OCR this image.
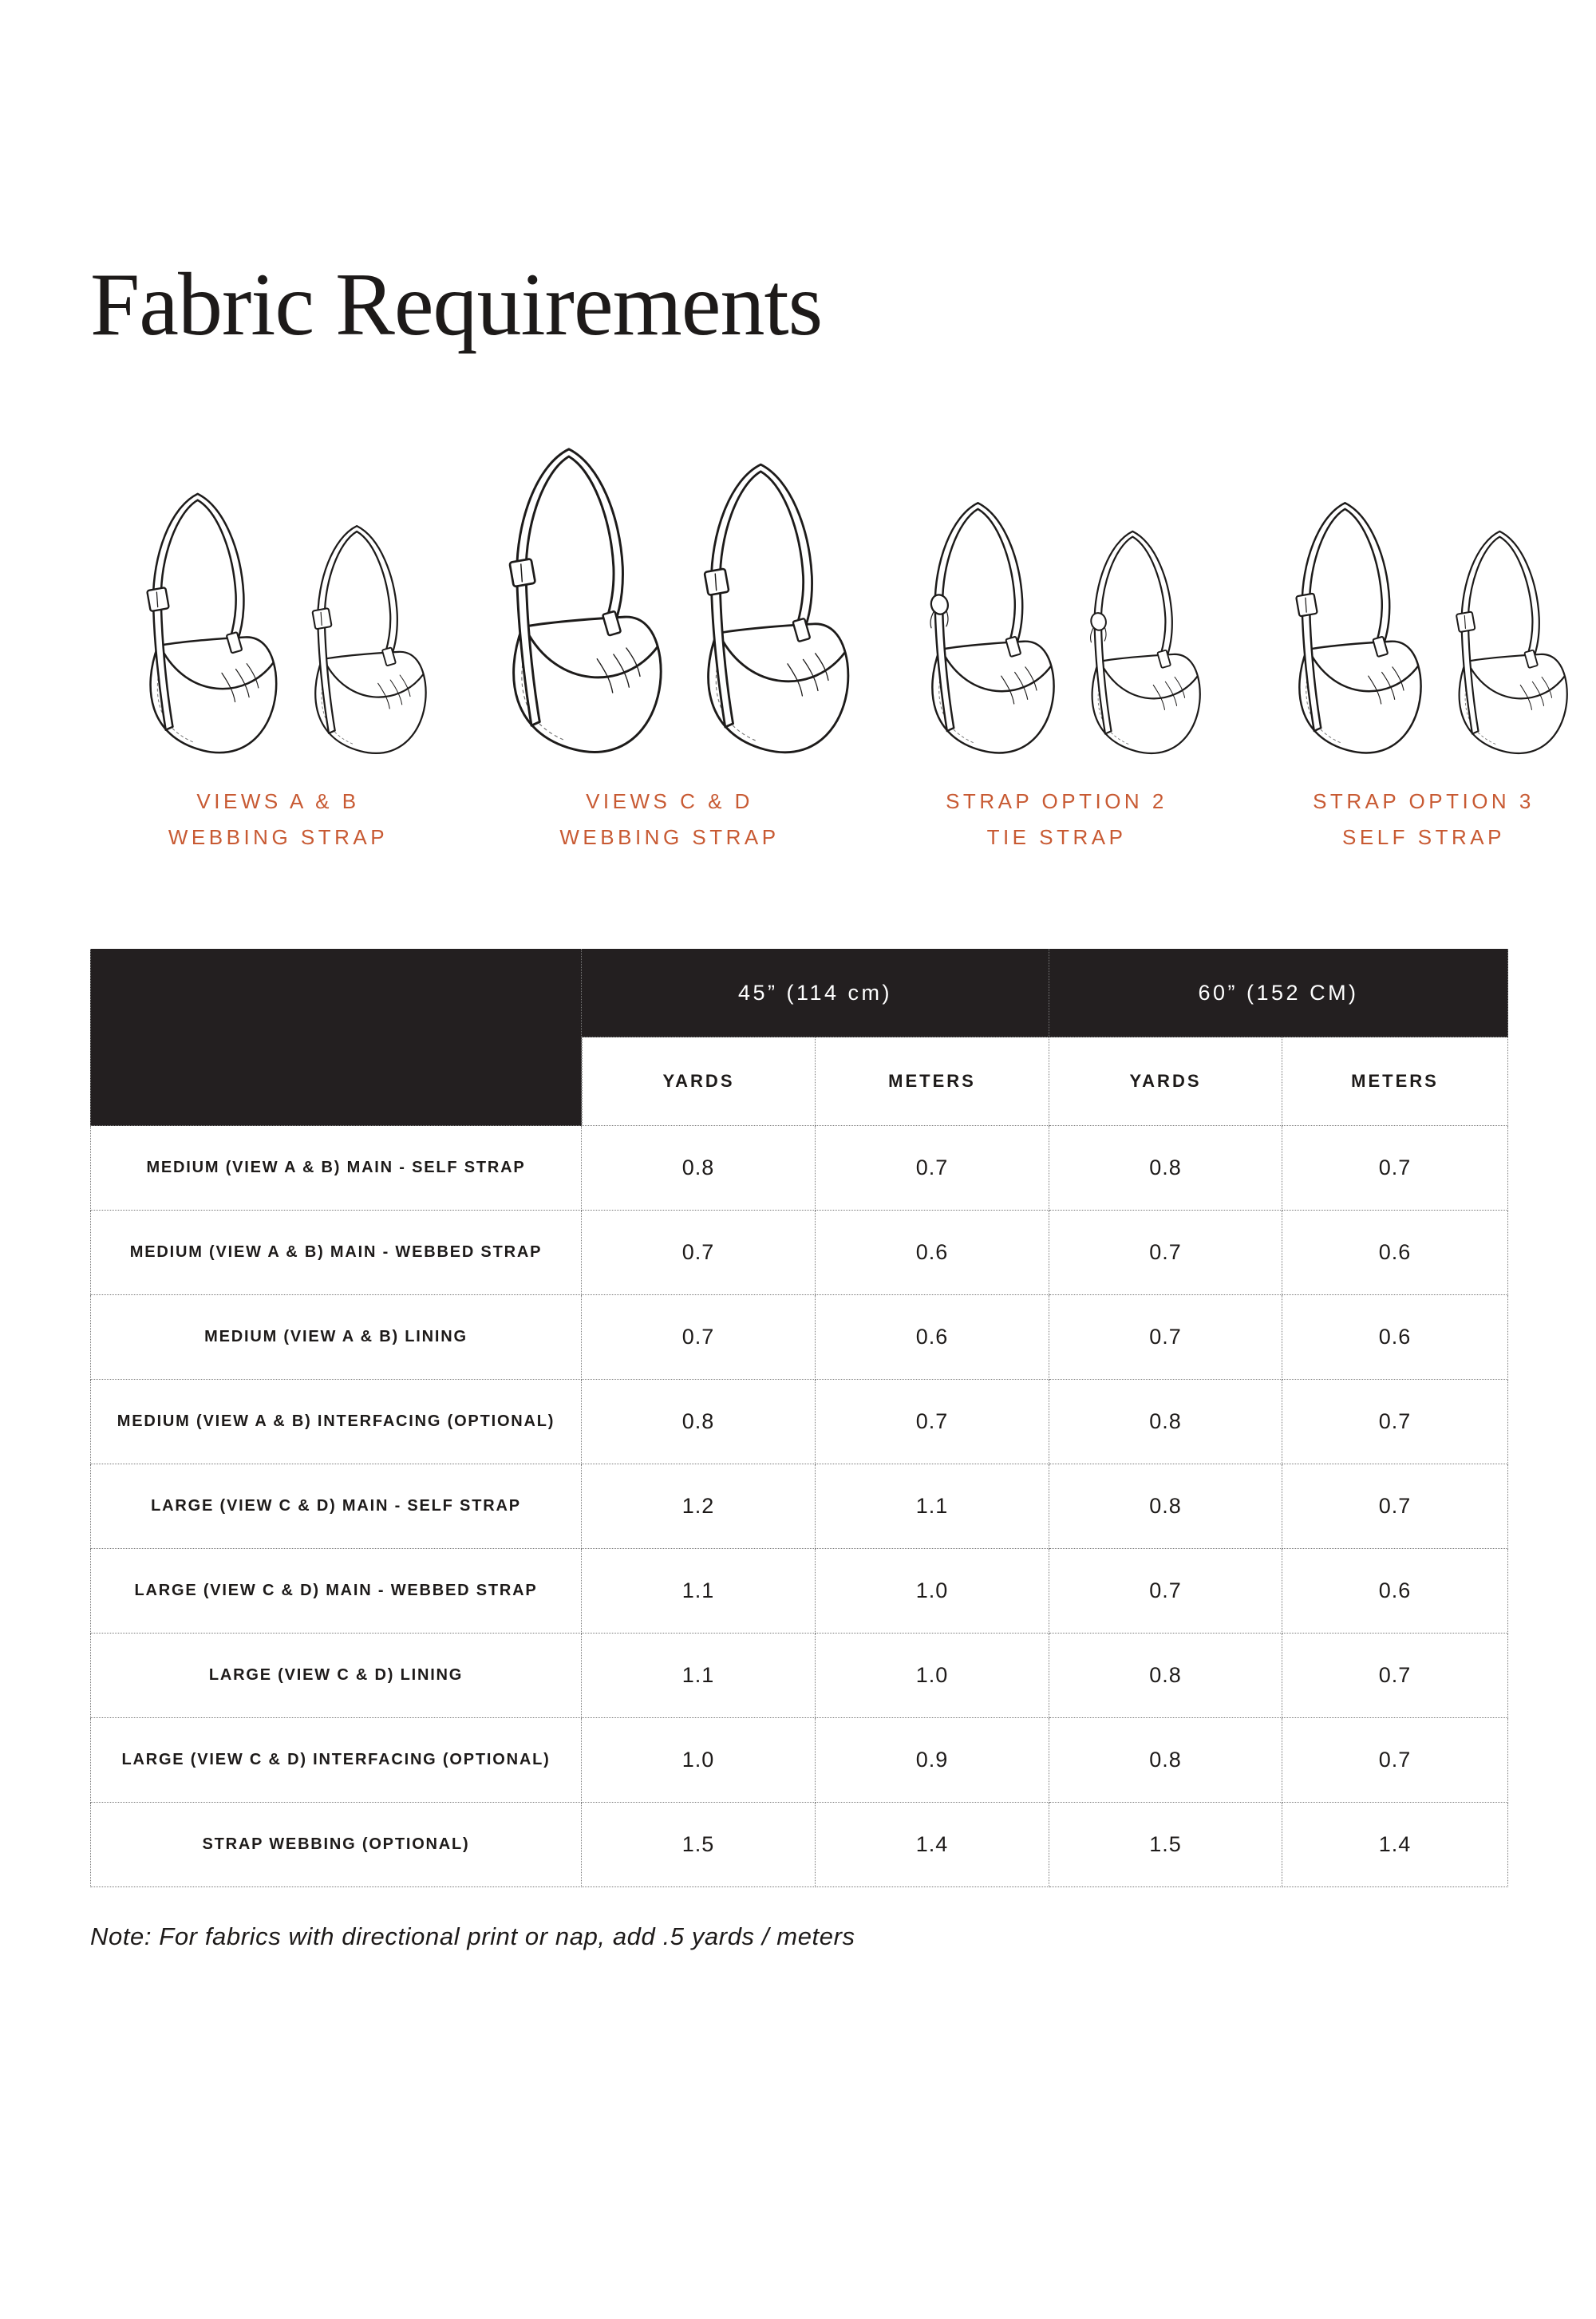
Fabric Requirements
VIEWS A & B
WEBBING STRAP
VIEWS C & D
WEBBING STRAP
STRAP OPTION 2
TIE STRAP
STRAP OPTION 3
SELF STRAP
	45” (114 cm)		60” (152 CM)	
	YARDS	METERS	YARDS	METERS
MEDIUM (VIEW A & B) MAIN - SELF STRAP	0.8	0.7	0.8	0.7
MEDIUM (VIEW A & B) MAIN - WEBBED STRAP	0.7	0.6	0.7	0.6
MEDIUM (VIEW A & B) LINING	0.7	0.6	0.7	0.6
MEDIUM (VIEW A & B) INTERFACING (OPTIONAL)	0.8	0.7	0.8	0.7
LARGE (VIEW C & D) MAIN - SELF STRAP	1.2	1.1	0.8	0.7
LARGE (VIEW C & D) MAIN - WEBBED STRAP	1.1	1.0	0.7	0.6
LARGE (VIEW C & D) LINING	1.1	1.0	0.8	0.7
LARGE (VIEW C & D) INTERFACING (OPTIONAL)	1.0	0.9	0.8	0.7
STRAP WEBBING (OPTIONAL)	1.5	1.4	1.5	1.4

Note: For fabrics with directional print or nap, add .5 yards / meters
